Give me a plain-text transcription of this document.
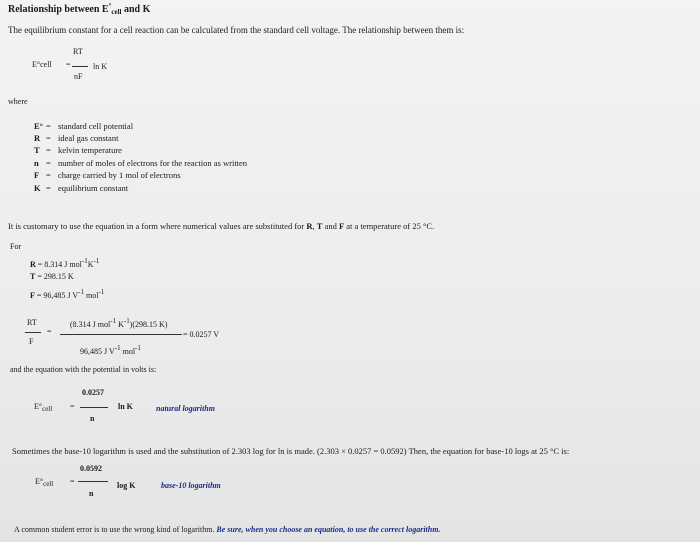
Relationship between $E^\circ_{cell}$ and K
The equilibrium constant for a cell reaction can be calculated from the standard cell voltage. The relationship between them is:
E°cell =
RT
nF
ln K
where
E° = standard cell potential
R = ideal gas constant
T = kelvin temperature
n = number of moles of electrons for the reaction as written
F = charge carried by 1 mol of electrons
K = equilibrium constant
It is customary to use the equation in a form where numerical values are substituted for R, T and F at a temperature of 25 °C.
For
R = 8.314 J mol-1K-1
T = 298.15 K
F = 96,485 J V-1 mol-1
RT
F
=
(8.314 J mol-1 K-1)(298.15 K)
96,485 J V-1 mol-1
= 0.0257 V
and the equation with the potential in volts is:
E°cell =
0.0257
n
ln K	natural logarithm
Sometimes the base-10 logarithm is used and the substitution of 2.303 log for ln is made. (2.303 × 0.0257 = 0.0592) Then, the equation for base-10 logs at 25 °C is:
E°cell =
0.0592
n
log K	base-10 logarithm
A common student error is to use the wrong kind of logarithm. Be sure, when you choose an equation, to use the correct logarithm.
